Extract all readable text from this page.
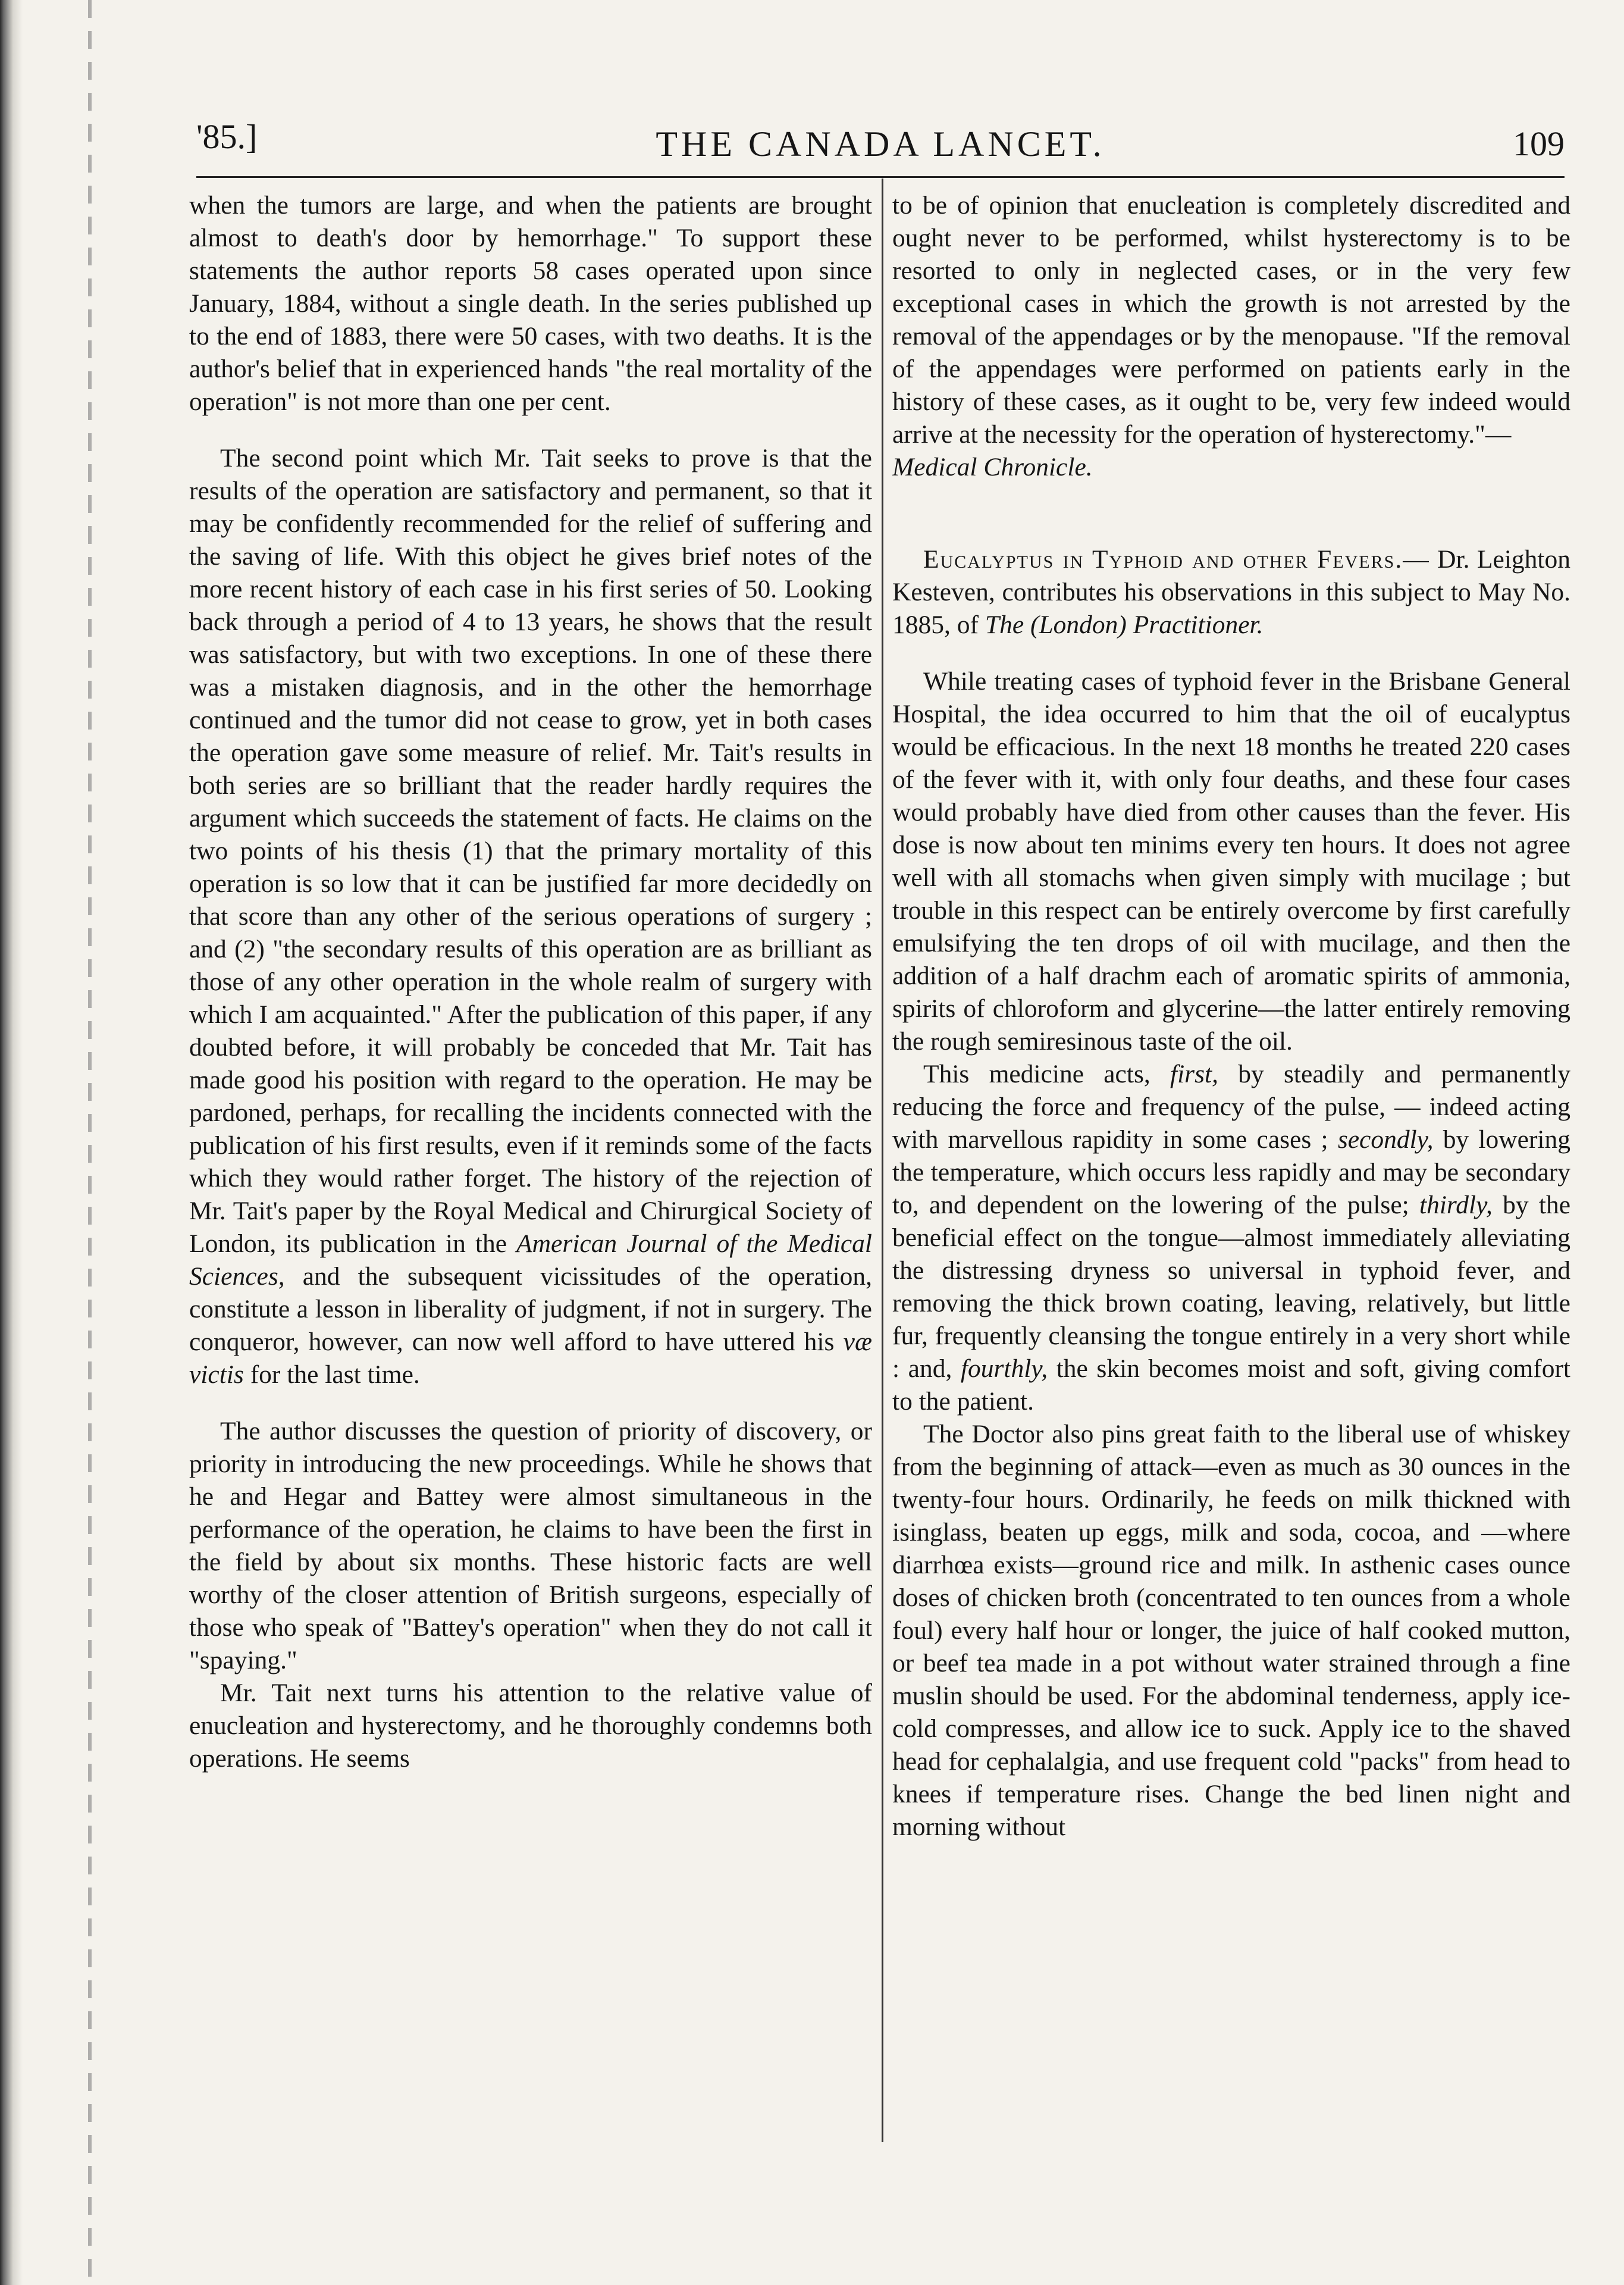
'85.]	THE CANADA LANCET.	109

when the tumors are large, and when the patients are brought almost to death's door by hemorrhage." To support these statements the author reports 58 cases operated upon since January, 1884, without a single death. In the series published up to the end of 1883, there were 50 cases, with two deaths. It is the author's belief that in experienced hands "the real mortality of the operation" is not more than one per cent.

The second point which Mr. Tait seeks to prove is that the results of the operation are satisfactory and permanent, so that it may be confidently recommended for the relief of suffering and the saving of life. With this object he gives brief notes of the more recent history of each case in his first series of 50. Looking back through a period of 4 to 13 years, he shows that the result was satisfactory, but with two exceptions. In one of these there was a mistaken diagnosis, and in the other the hemorrhage continued and the tumor did not cease to grow, yet in both cases the operation gave some measure of relief. Mr. Tait's results in both series are so brilliant that the reader hardly requires the argument which succeeds the statement of facts. He claims on the two points of his thesis (1) that the primary mortality of this operation is so low that it can be justified far more decidedly on that score than any other of the serious operations of surgery ; and (2) "the secondary results of this operation are as brilliant as those of any other operation in the whole realm of surgery with which I am acquainted." After the publication of this paper, if any doubted before, it will probably be conceded that Mr. Tait has made good his position with regard to the operation. He may be pardoned, perhaps, for recalling the incidents connected with the publication of his first results, even if it reminds some of the facts which they would rather forget. The history of the rejection of Mr. Tait's paper by the Royal Medical and Chirurgical Society of London, its publication in the American Journal of the Medical Sciences, and the subsequent vicissitudes of the operation, constitute a lesson in liberality of judgment, if not in surgery. The conqueror, however, can now well afford to have uttered his væ victis for the last time.

The author discusses the question of priority of discovery, or priority in introducing the new proceedings. While he shows that he and Hegar and Battey were almost simultaneous in the performance of the operation, he claims to have been the first in the field by about six months. These historic facts are well worthy of the closer attention of British surgeons, especially of those who speak of "Battey's operation" when they do not call it "spaying."

Mr. Tait next turns his attention to the relative value of enucleation and hysterectomy, and he thoroughly condemns both operations. He seems

to be of opinion that enucleation is completely discredited and ought never to be performed, whilst hysterectomy is to be resorted to only in neglected cases, or in the very few exceptional cases in which the growth is not arrested by the removal of the appendages or by the menopause. "If the removal of the appendages were performed on patients early in the history of these cases, as it ought to be, very few indeed would arrive at the necessity for the operation of hysterectomy."—
Medical Chronicle.

Eucalyptus in Typhoid and other Fevers.— Dr. Leighton Kesteven, contributes his observations in this subject to May No. 1885, of The (London) Practitioner.

While treating cases of typhoid fever in the Brisbane General Hospital, the idea occurred to him that the oil of eucalyptus would be efficacious. In the next 18 months he treated 220 cases of the fever with it, with only four deaths, and these four cases would probably have died from other causes than the fever. His dose is now about ten minims every ten hours. It does not agree well with all stomachs when given simply with mucilage ; but trouble in this respect can be entirely overcome by first carefully emulsifying the ten drops of oil with mucilage, and then the addition of a half drachm each of aromatic spirits of ammonia, spirits of chloroform and glycerine—the latter entirely removing the rough semiresinous taste of the oil.

This medicine acts, first, by steadily and permanently reducing the force and frequency of the pulse, — indeed acting with marvellous rapidity in some cases ; secondly, by lowering the temperature, which occurs less rapidly and may be secondary to, and dependent on the lowering of the pulse; thirdly, by the beneficial effect on the tongue—almost immediately alleviating the distressing dryness so universal in typhoid fever, and removing the thick brown coating, leaving, relatively, but little fur, frequently cleansing the tongue entirely in a very short while : and, fourthly, the skin becomes moist and soft, giving comfort to the patient.

The Doctor also pins great faith to the liberal use of whiskey from the beginning of attack—even as much as 30 ounces in the twenty-four hours. Ordinarily, he feeds on milk thickned with isinglass, beaten up eggs, milk and soda, cocoa, and —where diarrhœa exists—ground rice and milk. In asthenic cases ounce doses of chicken broth (concentrated to ten ounces from a whole foul) every half hour or longer, the juice of half cooked mutton, or beef tea made in a pot without water strained through a fine muslin should be used. For the abdominal tenderness, apply ice-cold compresses, and allow ice to suck. Apply ice to the shaved head for cephalalgia, and use frequent cold "packs" from head to knees if temperature rises. Change the bed linen night and morning without
